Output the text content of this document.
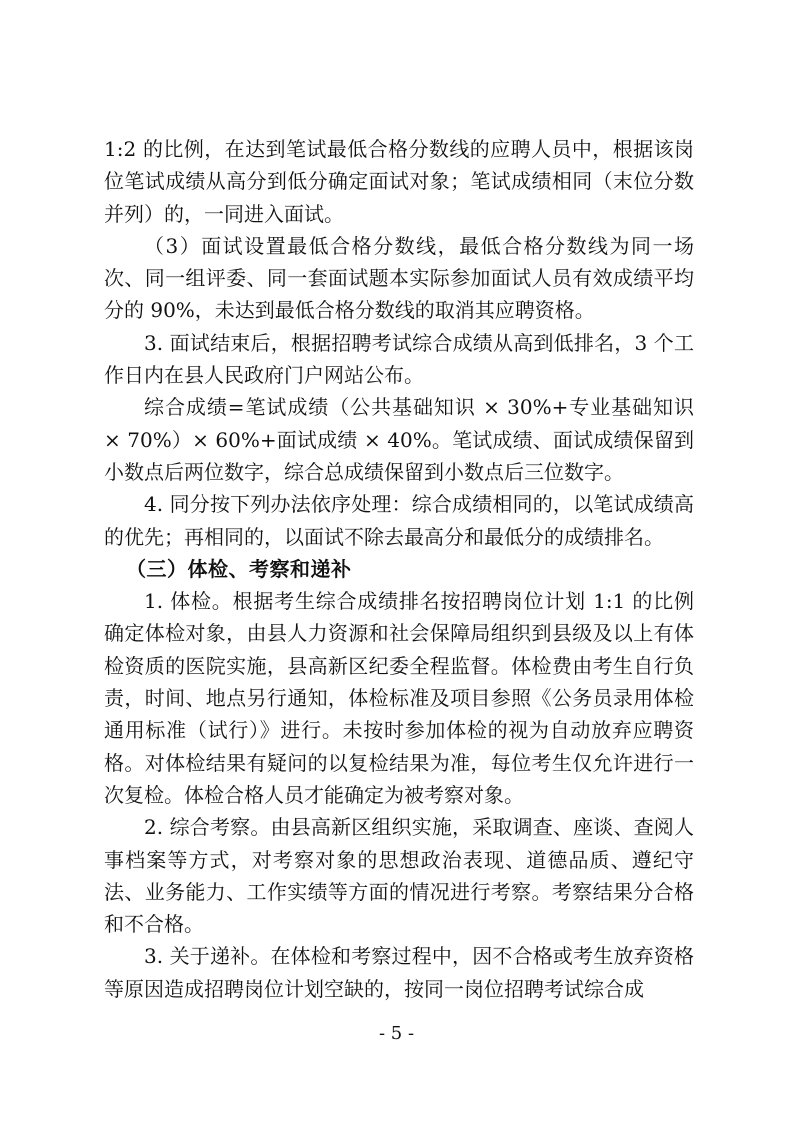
1:2 的比例，在达到笔试最低合格分数线的应聘人员中，根据该岗位笔试成绩从高分到低分确定面试对象；笔试成绩相同（末位分数并列）的，一同进入面试。

（3）面试设置最低合格分数线，最低合格分数线为同一场次、同一组评委、同一套面试题本实际参加面试人员有效成绩平均分的 90%，未达到最低合格分数线的取消其应聘资格。

3. 面试结束后，根据招聘考试综合成绩从高到低排名，3 个工作日内在县人民政府门户网站公布。

综合成绩=笔试成绩（公共基础知识 × 30%+专业基础知识 × 70%）× 60%+面试成绩 × 40%。笔试成绩、面试成绩保留到小数点后两位数字，综合总成绩保留到小数点后三位数字。

4. 同分按下列办法依序处理：综合成绩相同的，以笔试成绩高的优先；再相同的，以面试不除去最高分和最低分的成绩排名。

（三）体检、考察和递补

1. 体检。根据考生综合成绩排名按招聘岗位计划 1:1 的比例确定体检对象，由县人力资源和社会保障局组织到县级及以上有体检资质的医院实施，县高新区纪委全程监督。体检费由考生自行负责，时间、地点另行通知，体检标准及项目参照《公务员录用体检通用标准（试行）》进行。未按时参加体检的视为自动放弃应聘资格。对体检结果有疑问的以复检结果为准，每位考生仅允许进行一次复检。体检合格人员才能确定为被考察对象。

2. 综合考察。由县高新区组织实施，采取调查、座谈、查阅人事档案等方式，对考察对象的思想政治表现、道德品质、遵纪守法、业务能力、工作实绩等方面的情况进行考察。考察结果分合格和不合格。

3. 关于递补。在体检和考察过程中，因不合格或考生放弃资格等原因造成招聘岗位计划空缺的，按同一岗位招聘考试综合成

- 5 -
